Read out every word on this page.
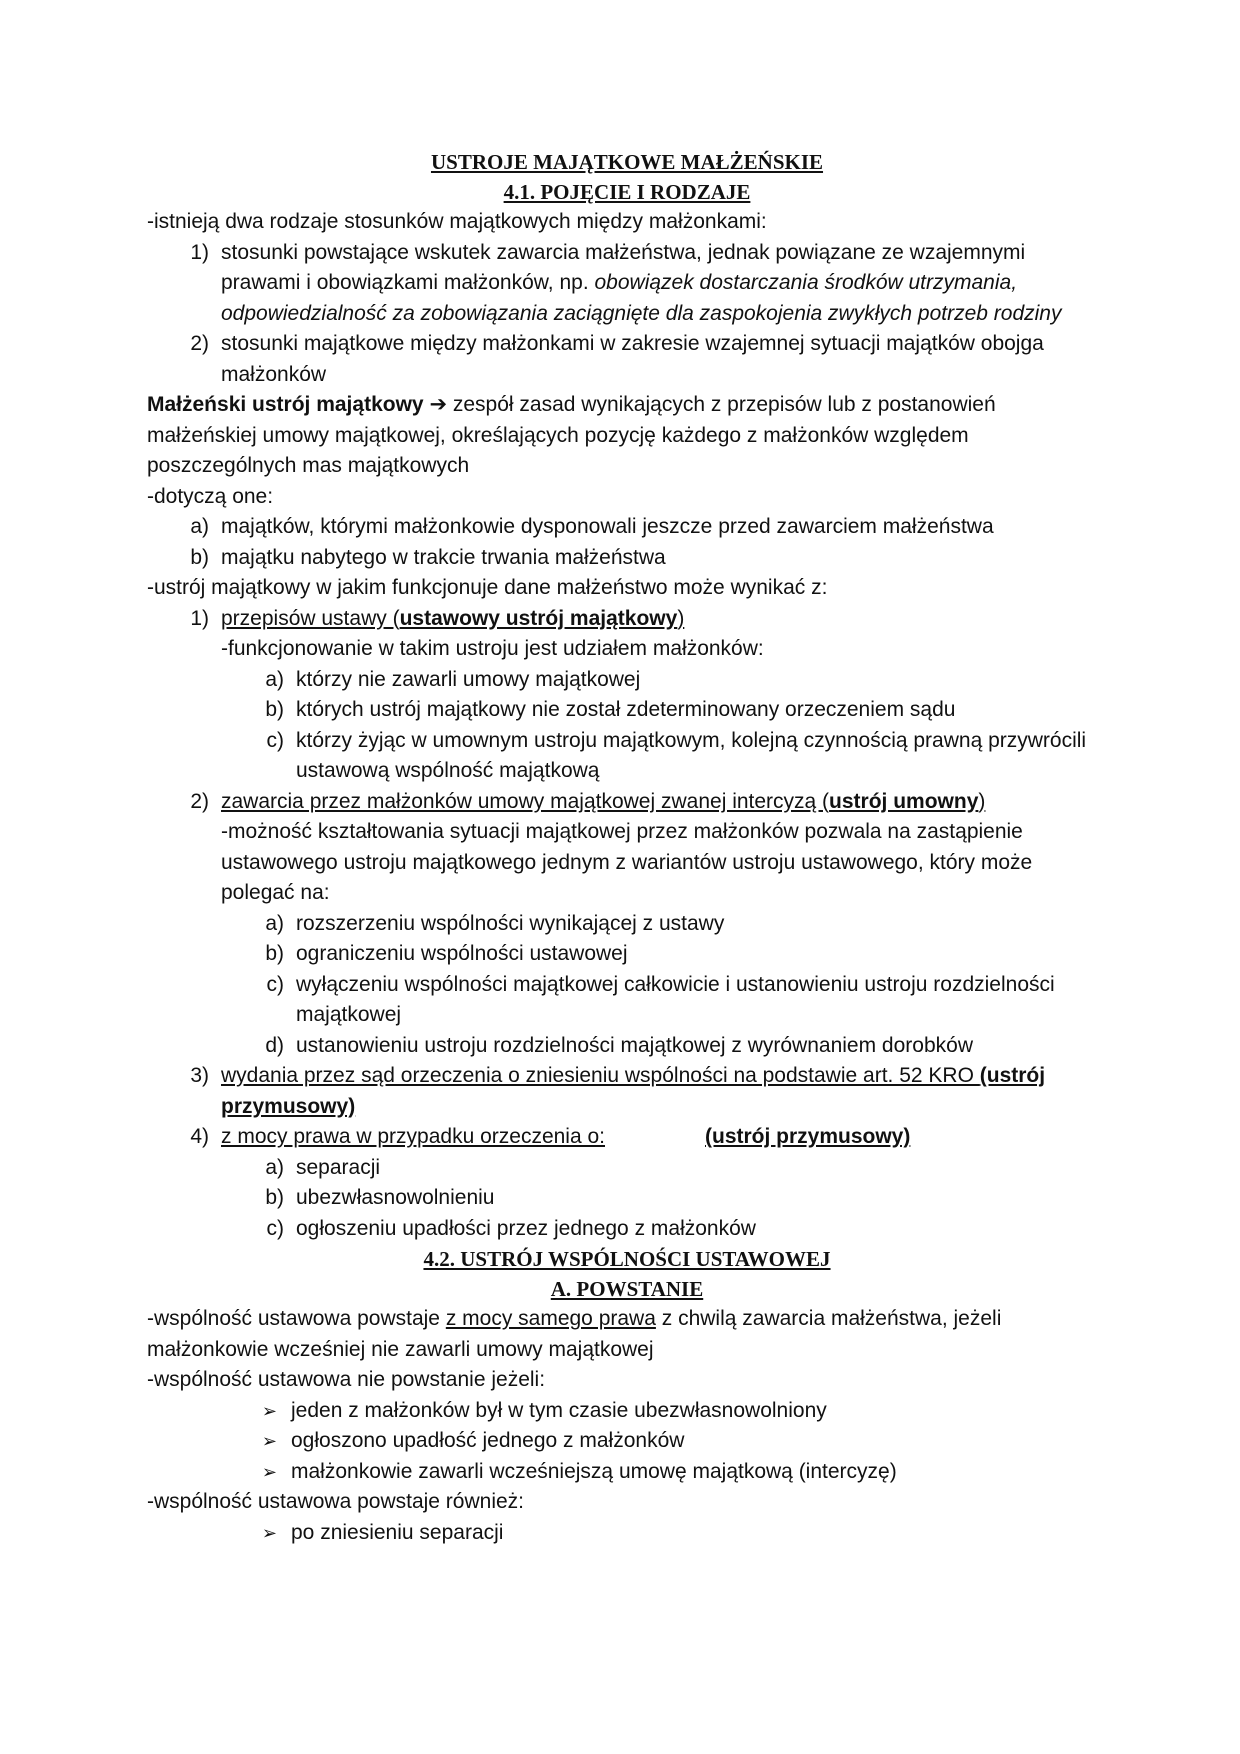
USTROJE MAJĄTKOWE MAŁŻEŃSKIE
4.1. POJĘCIE I RODZAJE

-istnieją dwa rodzaje stosunków majątkowych między małżonkami:

1) stosunki powstające wskutek zawarcia małżeństwa, jednak powiązane ze wzajemnymi prawami i obowiązkami małżonków, np. obowiązek dostarczania środków utrzymania, odpowiedzialność za zobowiązania zaciągnięte dla zaspokojenia zwykłych potrzeb rodziny
2) stosunki majątkowe między małżonkami w zakresie wzajemnej sytuacji majątków obojga małżonków

Małżeński ustrój majątkowy ➔ zespół zasad wynikających z przepisów lub z postanowień małżeńskiej umowy majątkowej, określających pozycję każdego z małżonków względem poszczególnych mas majątkowych

-dotyczą one:

a) majątków, którymi małżonkowie dysponowali jeszcze przed zawarciem małżeństwa
b) majątku nabytego w trakcie trwania małżeństwa

-ustrój majątkowy w jakim funkcjonuje dane małżeństwo może wynikać z:

1) przepisów ustawy (ustawowy ustrój majątkowy)

-funkcjonowanie w takim ustroju jest udziałem małżonków:

a) którzy nie zawarli umowy majątkowej
b) których ustrój majątkowy nie został zdeterminowany orzeczeniem sądu
c) którzy żyjąc w umownym ustroju majątkowym, kolejną czynnością prawną przywrócili ustawową wspólność majątkową
2) zawarcia przez małżonków umowy majątkowej zwanej intercyzą (ustrój umowny)

-możność kształtowania sytuacji majątkowej przez małżonków pozwala na zastąpienie ustawowego ustroju majątkowego jednym z wariantów ustroju ustawowego, który może polegać na:

a) rozszerzeniu wspólności wynikającej z ustawy
b) ograniczeniu wspólności ustawowej
c) wyłączeniu wspólności majątkowej całkowicie i ustanowieniu ustroju rozdzielności majątkowej
d) ustanowieniu ustroju rozdzielności majątkowej z wyrównaniem dorobków
3) wydania przez sąd orzeczenia o zniesieniu wspólności na podstawie art. 52 KRO (ustrój przymusowy)
4) z mocy prawa w przypadku orzeczenia o:	(ustrój przymusowy)
a) separacji
b) ubezwłasnowolnieniu
c) ogłoszeniu upadłości przez jednego z małżonków
4.2. USTRÓJ WSPÓLNOŚCI USTAWOWEJ
A. POWSTANIE

-wspólność ustawowa powstaje z mocy samego prawa z chwilą zawarcia małżeństwa, jeżeli małżonkowie wcześniej nie zawarli umowy majątkowej

-wspólność ustawowa nie powstanie jeżeli:

➢ jeden z małżonków był w tym czasie ubezwłasnowolniony
➢ ogłoszono upadłość jednego z małżonków
➢ małżonkowie zawarli wcześniejszą umowę majątkową (intercyzę)

-wspólność ustawowa powstaje również:

➢ po zniesieniu separacji
